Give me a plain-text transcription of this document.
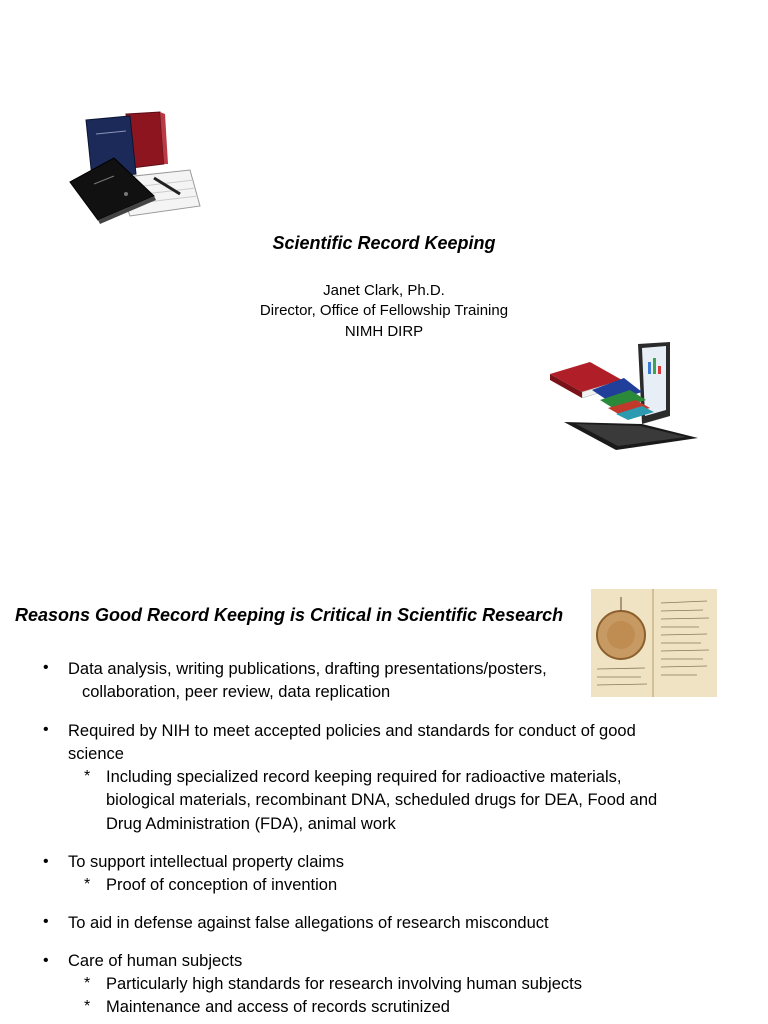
Scientific Record Keeping
Janet Clark, Ph.D.
Director, Office of Fellowship Training
NIMH DIRP
Reasons Good Record Keeping is Critical in Scientific Research
• Data analysis, writing publications, drafting presentations/posters,
collaboration, peer review, data replication
• Required by NIH to meet accepted policies and standards for conduct of good
science
* Including specialized record keeping required for radioactive materials,
biological materials, recombinant DNA, scheduled drugs for DEA, Food and
Drug Administration (FDA), animal work
• To support intellectual property claims
* Proof of conception of invention
• To aid in defense against false allegations of research misconduct
• Care of human subjects
* Particularly high standards for research involving human subjects
* Maintenance and access of records scrutinized
